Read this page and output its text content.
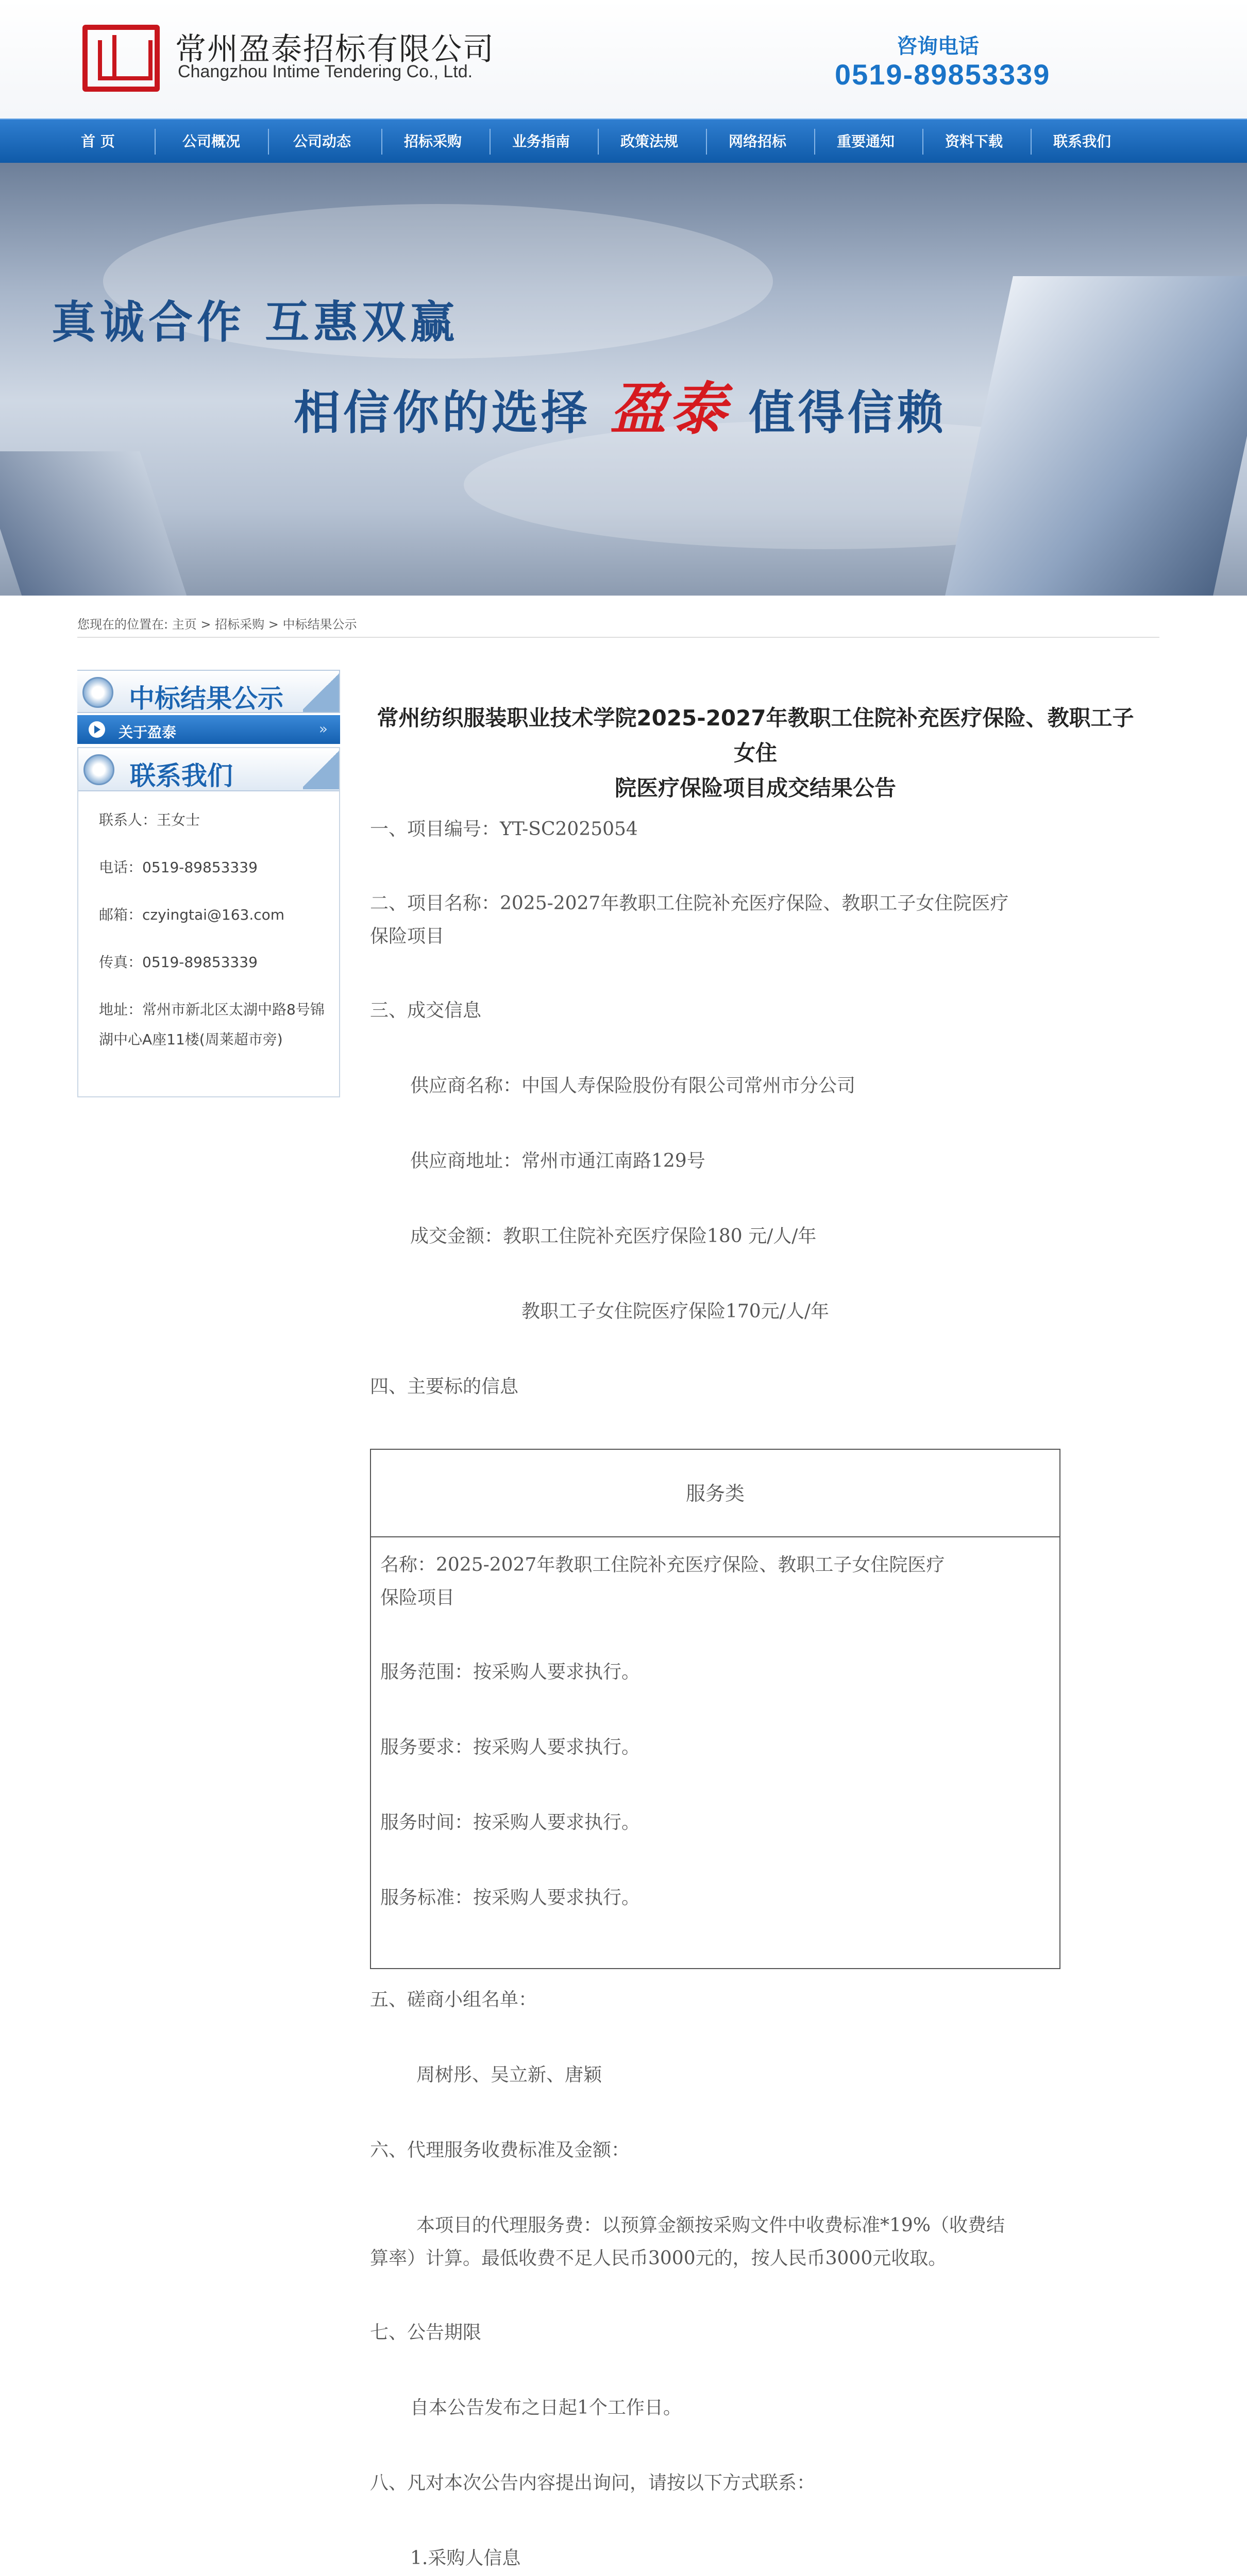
常州盈泰招标有限公司
Changzhou Intime Tendering Co., Ltd.
咨询电话
0519-89853339
首 页	公司概况	公司动态	招标采购	业务指南	政策法规	网络招标	重要通知	资料下载	联系我们
真诚合作 互惠双赢
相信你的选择 盈泰 值得信赖
您现在的位置在: 主页 > 招标采购 > 中标结果公示
中标结果公示
关于盈泰	»
联系我们
联系人：王女士
电话：0519-89853339
邮箱：czyingtai@163.com
传真：0519-89853339
地址：常州市新北区太湖中路8号锦
湖中心A座11楼(周莱超市旁)
常州纺织服装职业技术学院2025-2027年教职工住院补充医疗保险、教职工子女住
院医疗保险项目成交结果公告
一、项目编号：YT-SC2025054
二、项目名称：2025-2027年教职工住院补充医疗保险、教职工子女住院医疗
保险项目
三、成交信息
供应商名称：中国人寿保险股份有限公司常州市分公司
供应商地址：常州市通江南路129号
成交金额：教职工住院补充医疗保险180 元/人/年
教职工子女住院医疗保险170元/人/年
四、主要标的信息
服务类
名称：2025-2027年教职工住院补充医疗保险、教职工子女住院医疗
保险项目
服务范围：按采购人要求执行。
服务要求：按采购人要求执行。
服务时间：按采购人要求执行。
服务标准：按采购人要求执行。
五、磋商小组名单：
周树彤、吴立新、唐颖
六、代理服务收费标准及金额：
本项目的代理服务费：以预算金额按采购文件中收费标准*19%（收费结
算率）计算。最低收费不足人民币3000元的，按人民币3000元收取。
七、公告期限
自本公告发布之日起1个工作日。
八、凡对本次公告内容提出询问，请按以下方式联系：
1.采购人信息
